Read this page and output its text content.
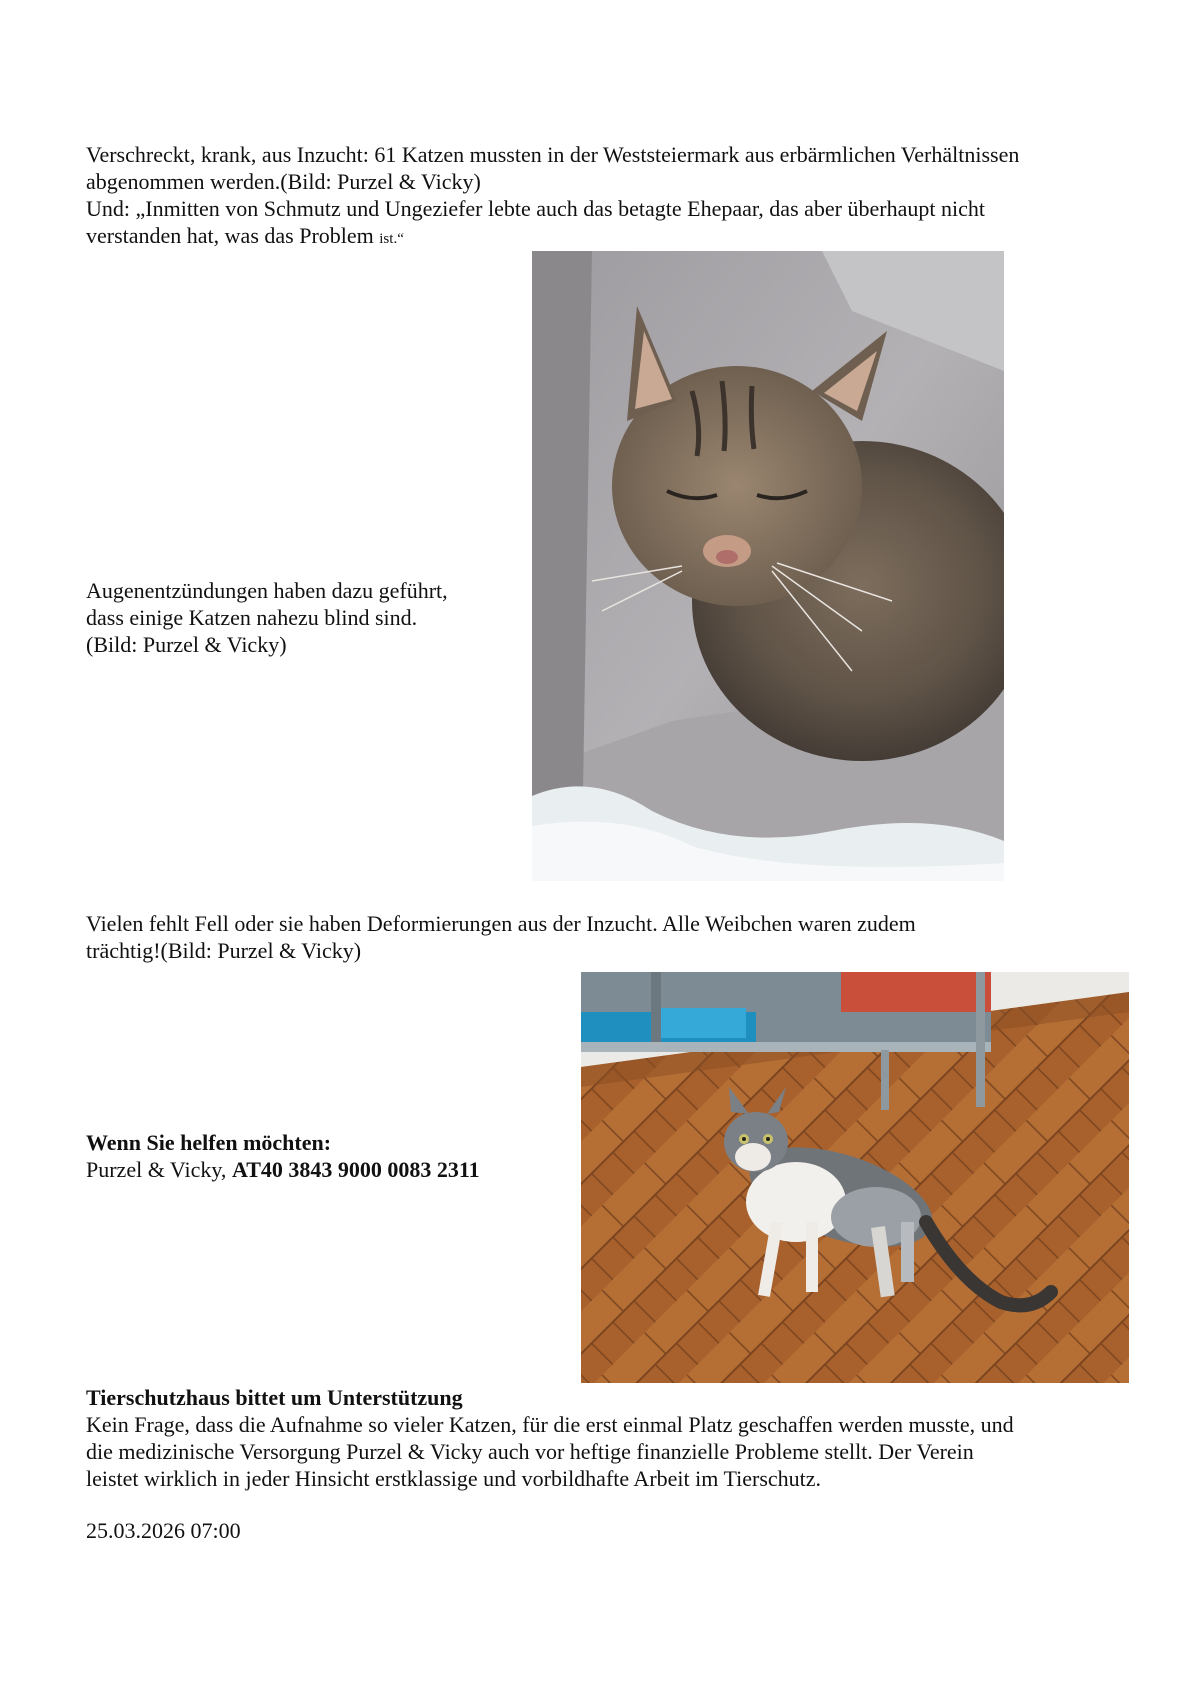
Verschreckt, krank, aus Inzucht: 61 Katzen mussten in der Weststeiermark aus erbärmlichen Verhältnissen
abgenommen werden.(Bild: Purzel & Vicky)
Und: „Inmitten von Schmutz und Ungeziefer lebte auch das betagte Ehepaar, das aber überhaupt nicht
verstanden hat, was das Problem ist.“
Augenentzündungen haben dazu geführt,
dass einige Katzen nahezu blind sind.
(Bild: Purzel & Vicky)
Vielen fehlt Fell oder sie haben Deformierungen aus der Inzucht. Alle Weibchen waren zudem
trächtig!(Bild: Purzel & Vicky)
Wenn Sie helfen möchten:
Purzel & Vicky, AT40 3843 9000 0083 2311
Tierschutzhaus bittet um Unterstützung
Kein Frage, dass die Aufnahme so vieler Katzen, für die erst einmal Platz geschaffen werden musste, und
die medizinische Versorgung Purzel & Vicky auch vor heftige finanzielle Probleme stellt. Der Verein
leistet wirklich in jeder Hinsicht erstklassige und vorbildhafte Arbeit im Tierschutz.
25.03.2026 07:00
